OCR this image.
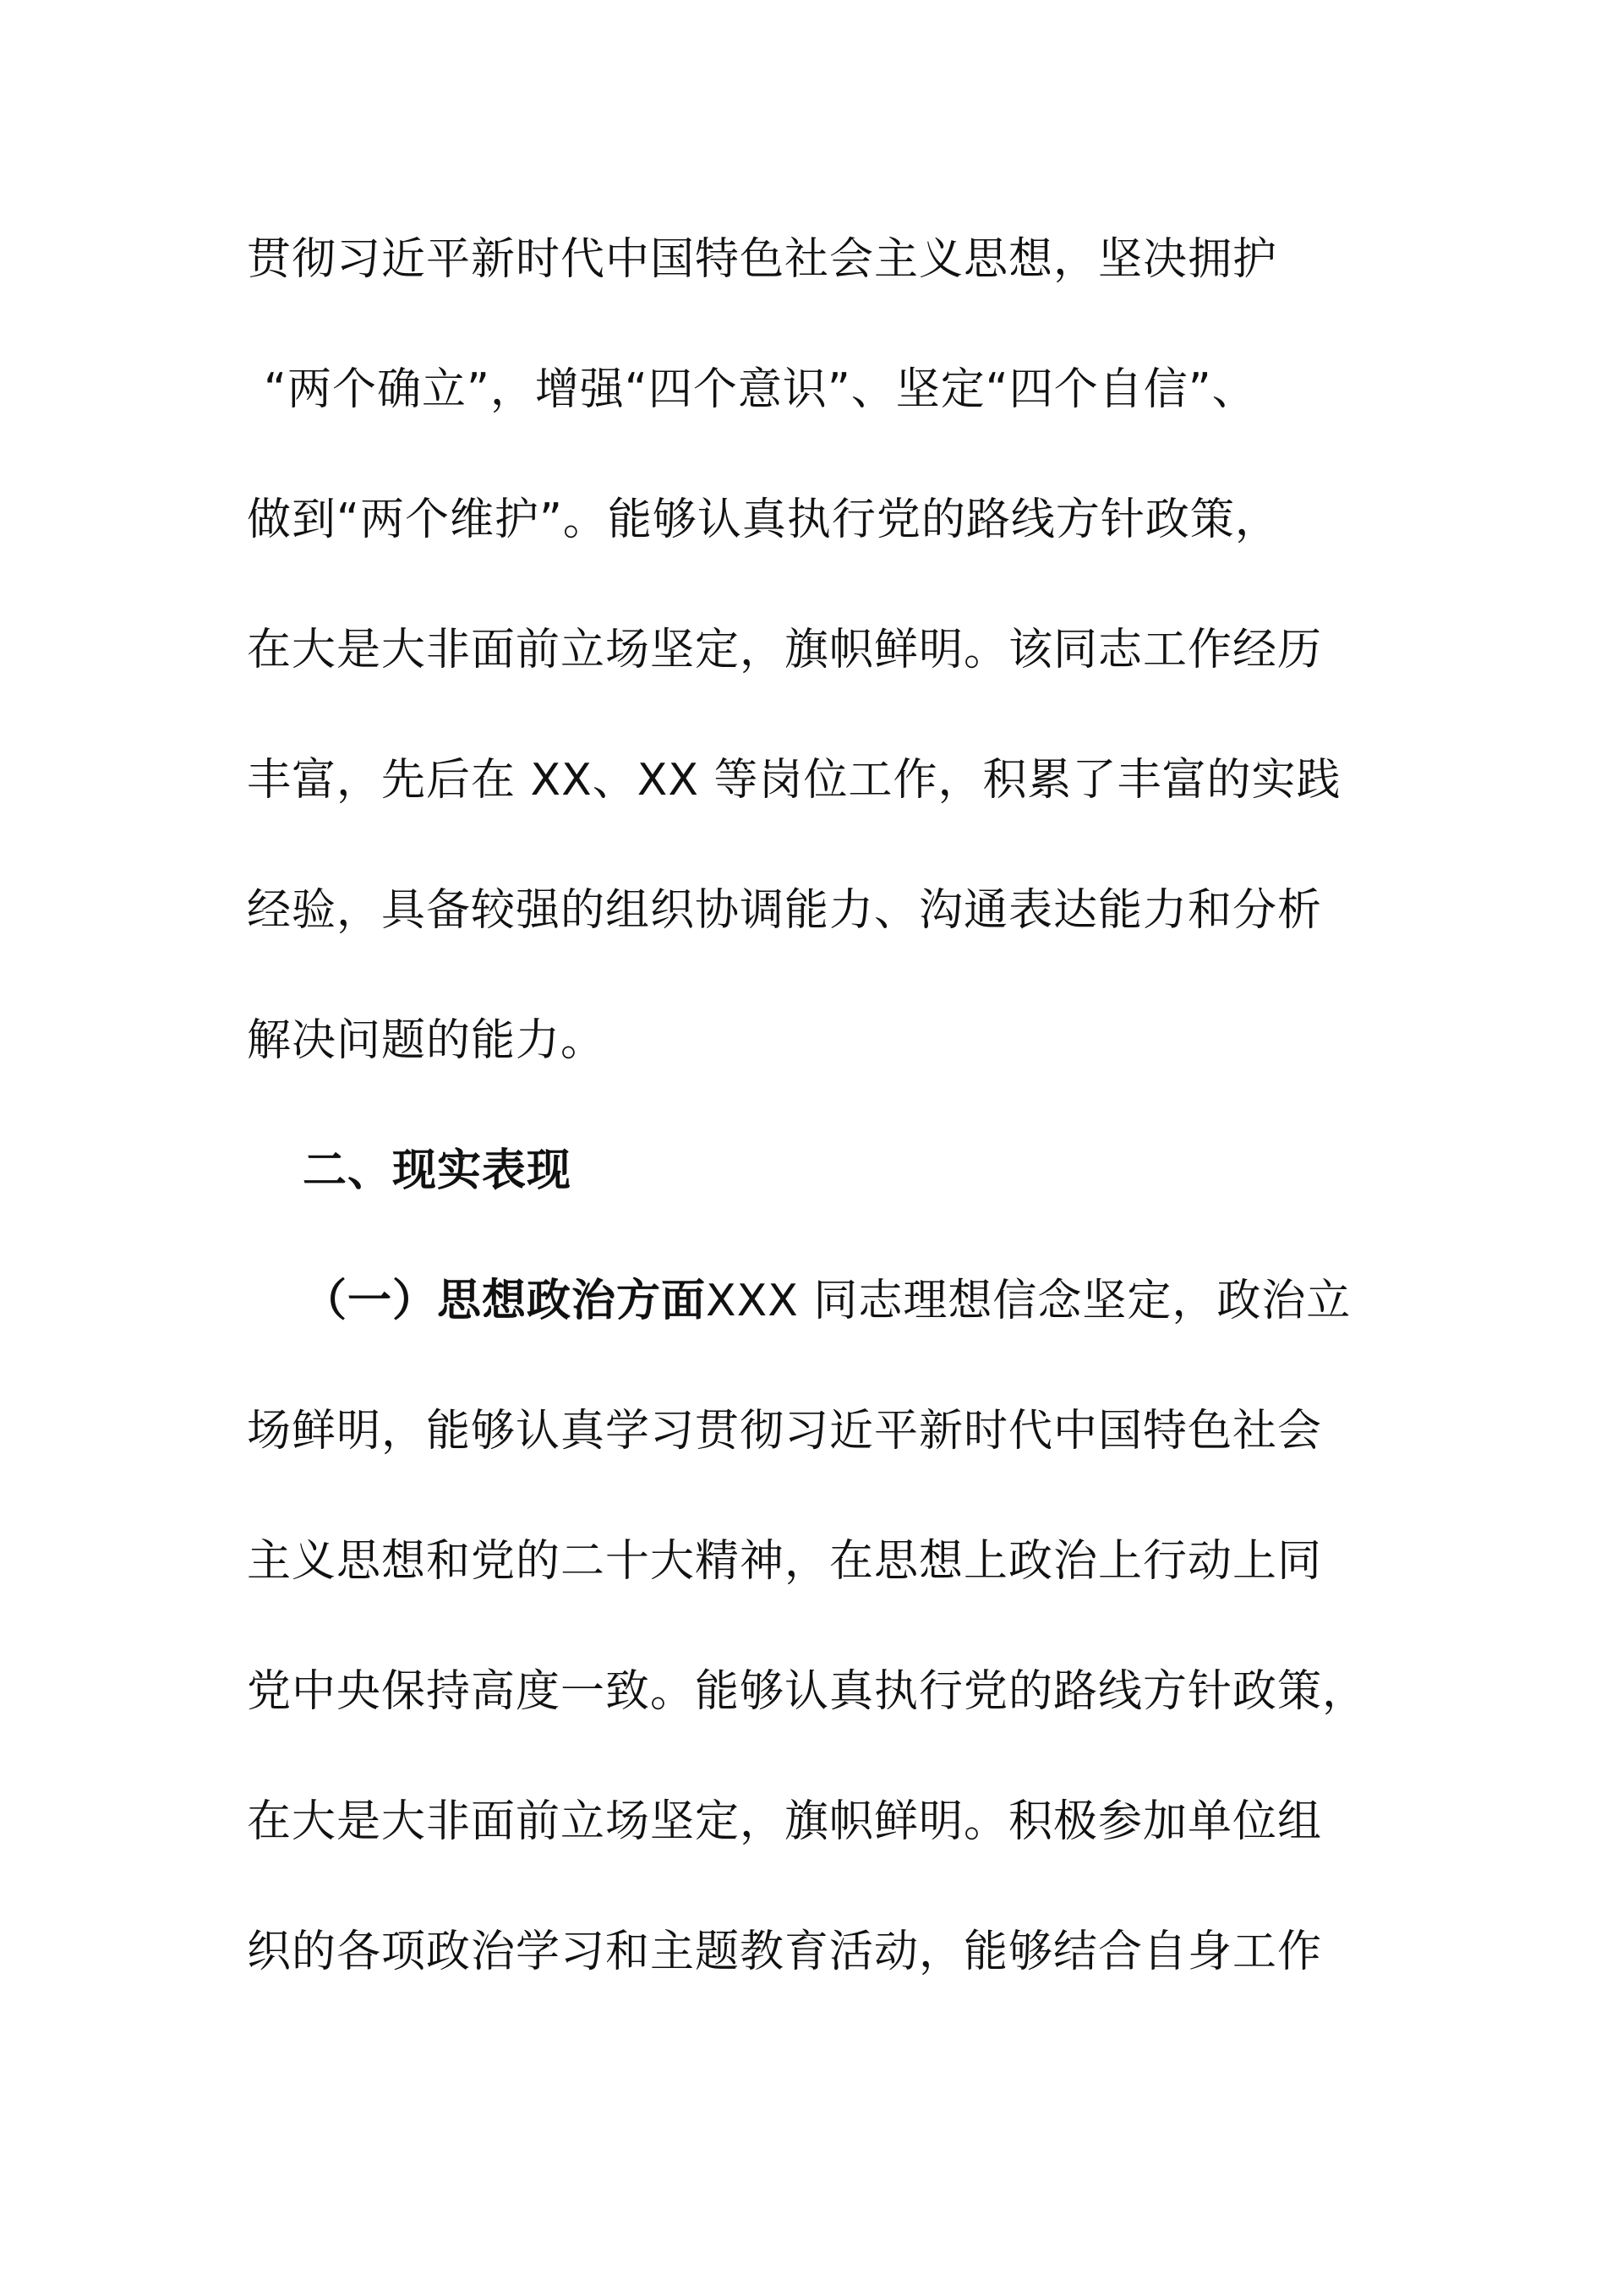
贯彻习近平新时代中国特色社会主义思想，坚决拥护
“两个确立”，增强“四个意识”、坚定“四个自信”、
做到“两个维护”。能够认真执行党的路线方针政策，
在大是大非面前立场坚定，旗帜鲜明。该同志工作经历
丰富，先后在 XX、XX 等岗位工作，积累了丰富的实践
经验，具备较强的组织协调能力、沟通表达能力和分析
解决问题的能力。
二、现实表现
（一）思想政治方面XXX 同志理想信念坚定，政治立
场鲜明，能够认真学习贯彻习近平新时代中国特色社会
主义思想和党的二十大精神，在思想上政治上行动上同
党中央保持高度一致。能够认真执行党的路线方针政策，
在大是大非面前立场坚定，旗帜鲜明。积极参加单位组
织的各项政治学习和主题教育活动，能够结合自身工作
